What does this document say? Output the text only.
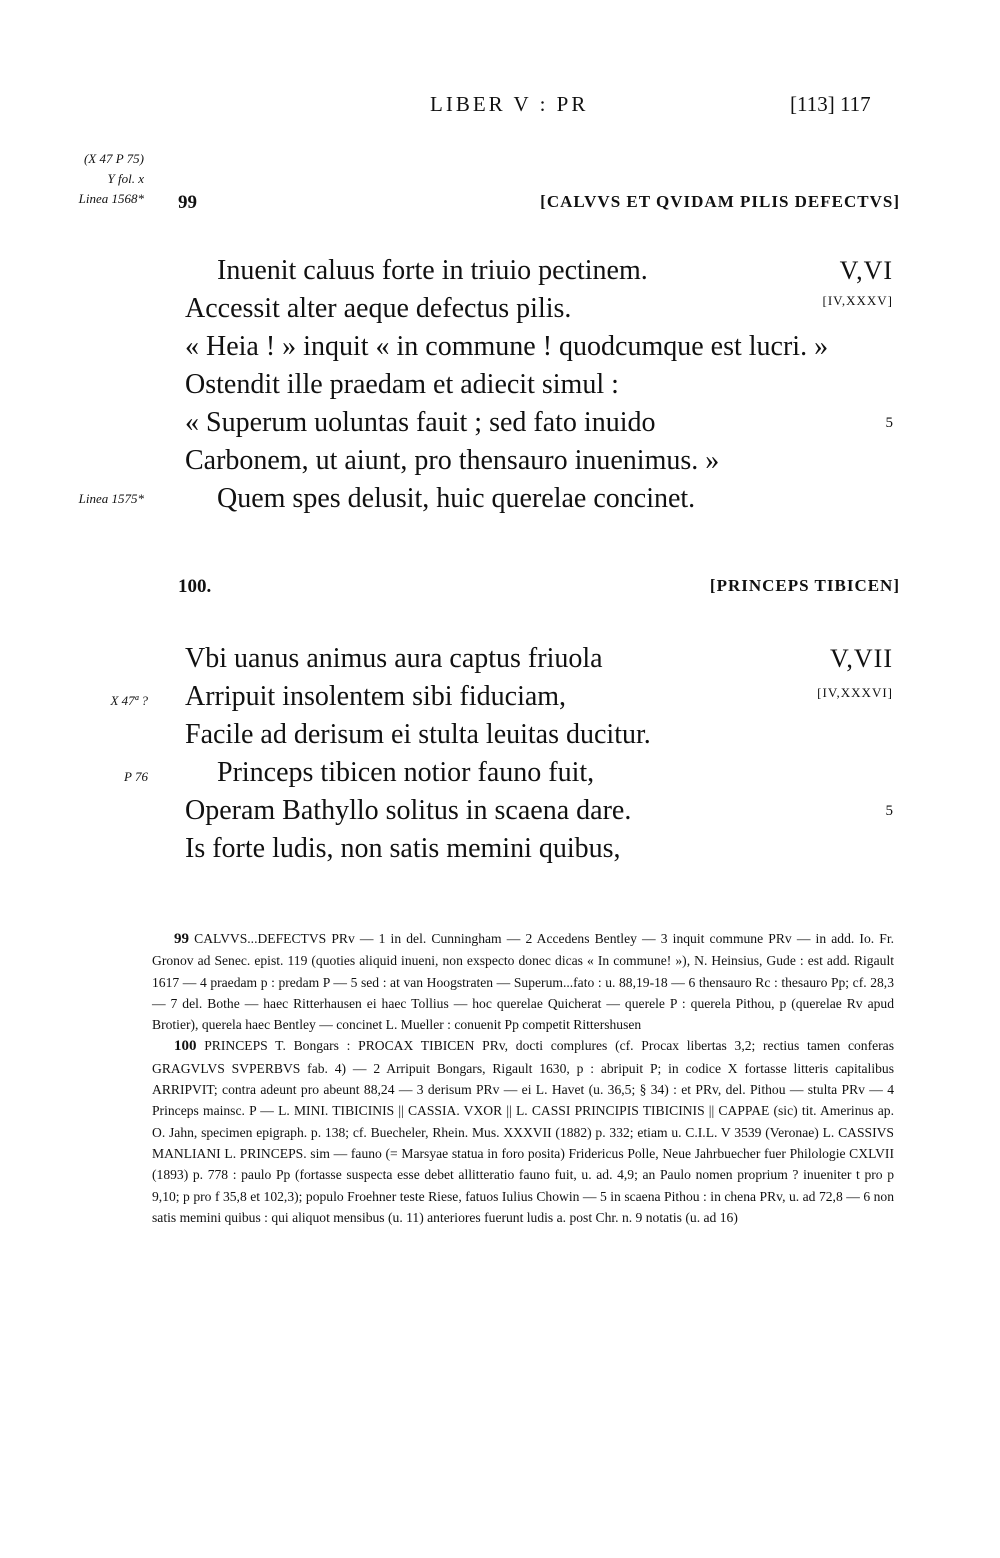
LIBER V : PR	[113] 117
(X 47 P 75)
Y fol. x
Linea 1568* 99	[CALVVS ET QVIDAM PILIS DEFECTVS]
Inuenit caluus forte in triuio pectinem.	V,VI
Accessit alter aeque defectus pilis.	[IV,XXXV]
« Heia ! » inquit « in commune ! quodcumque est lucri. »
Ostendit ille praedam et adiecit simul :
« Superum uoluntas fauit ; sed fato inuido	5
Carbonem, ut aiunt, pro thensauro inuenimus. »
Quem spes delusit, huic querelae concinet.
Linea 1575*
100.	[PRINCEPS TIBICEN]
Vbi uanus animus aura captus friuola	V,VII
Arripuit insolentem sibi fiduciam,	[IV,XXXVI]
Facile ad derisum ei stulta leuitas ducitur.
Princeps tibicen notior fauno fuit,
Operam Bathyllo solitus in scaena dare.	5
Is forte ludis, non satis memini quibus,
X 47ª ?
P 76

99 CALVVS...DEFECTVS PRv — 1 in del. Cunningham — 2 Accedens Bentley — 3 inquit commune PRv — in add. Io. Fr. Gronov ad Senec. epist. 119 (quoties aliquid inueni, non exspecto donec dicas « In commune! »), N. Heinsius, Gude : est add. Rigault 1617 — 4 praedam p : predam P — 5 sed : at van Hoogstraten — Superum...fato : u. 88,19-18 — 6 thensauro Rc : thesauro Pp; cf. 28,3 — 7 del. Bothe — haec Ritterhausen ei haec Tollius — hoc querelae Quicherat — querele P : querela Pithou, p (querelae Rv apud Brotier), querela haec Bentley — concinet L. Mueller : conuenit Pp competit Rittershusen

100 PRINCEPS T. Bongars : PROCAX TIBICEN PRv, docti complures (cf. Procax libertas 3,2; rectius tamen conferas GRAGVLVS SVPERBVS fab. 4) — 2 Arripuit Bongars, Rigault 1630, p : abripuit P; in codice X fortasse litteris capitalibus ARRIPVIT; contra adeunt pro abeunt 88,24 — 3 derisum PRv — ei L. Havet (u. 36,5; § 34) : et PRv, del. Pithou — stulta PRv — 4 Princeps mainsc. P — L. MINI. TIBICINIS || CASSIA. VXOR || L. CASSI PRINCIPIS TIBICINIS || CAPPAE (sic) tit. Amerinus ap. O. Jahn, specimen epigraph. p. 138; cf. Buecheler, Rhein. Mus. XXXVII (1882) p. 332; etiam u. C.I.L. V 3539 (Veronae) L. CASSIVS MANLIANI L. PRINCEPS. sim — fauno (= Marsyae statua in foro posita) Fridericus Polle, Neue Jahrbuecher fuer Philologie CXLVII (1893) p. 778 : paulo Pp (fortasse suspecta esse debet allitteratio fauno fuit, u. ad. 4,9; an Paulo nomen proprium ? inueniter t pro p 9,10; p pro f 35,8 et 102,3); populo Froehner teste Riese, fatuos Iulius Chowin — 5 in scaena Pithou : in chena PRv, u. ad 72,8 — 6 non satis memini quibus : qui aliquot mensibus (u. 11) anteriores fuerunt ludis a. post Chr. n. 9 notatis (u. ad 16)
